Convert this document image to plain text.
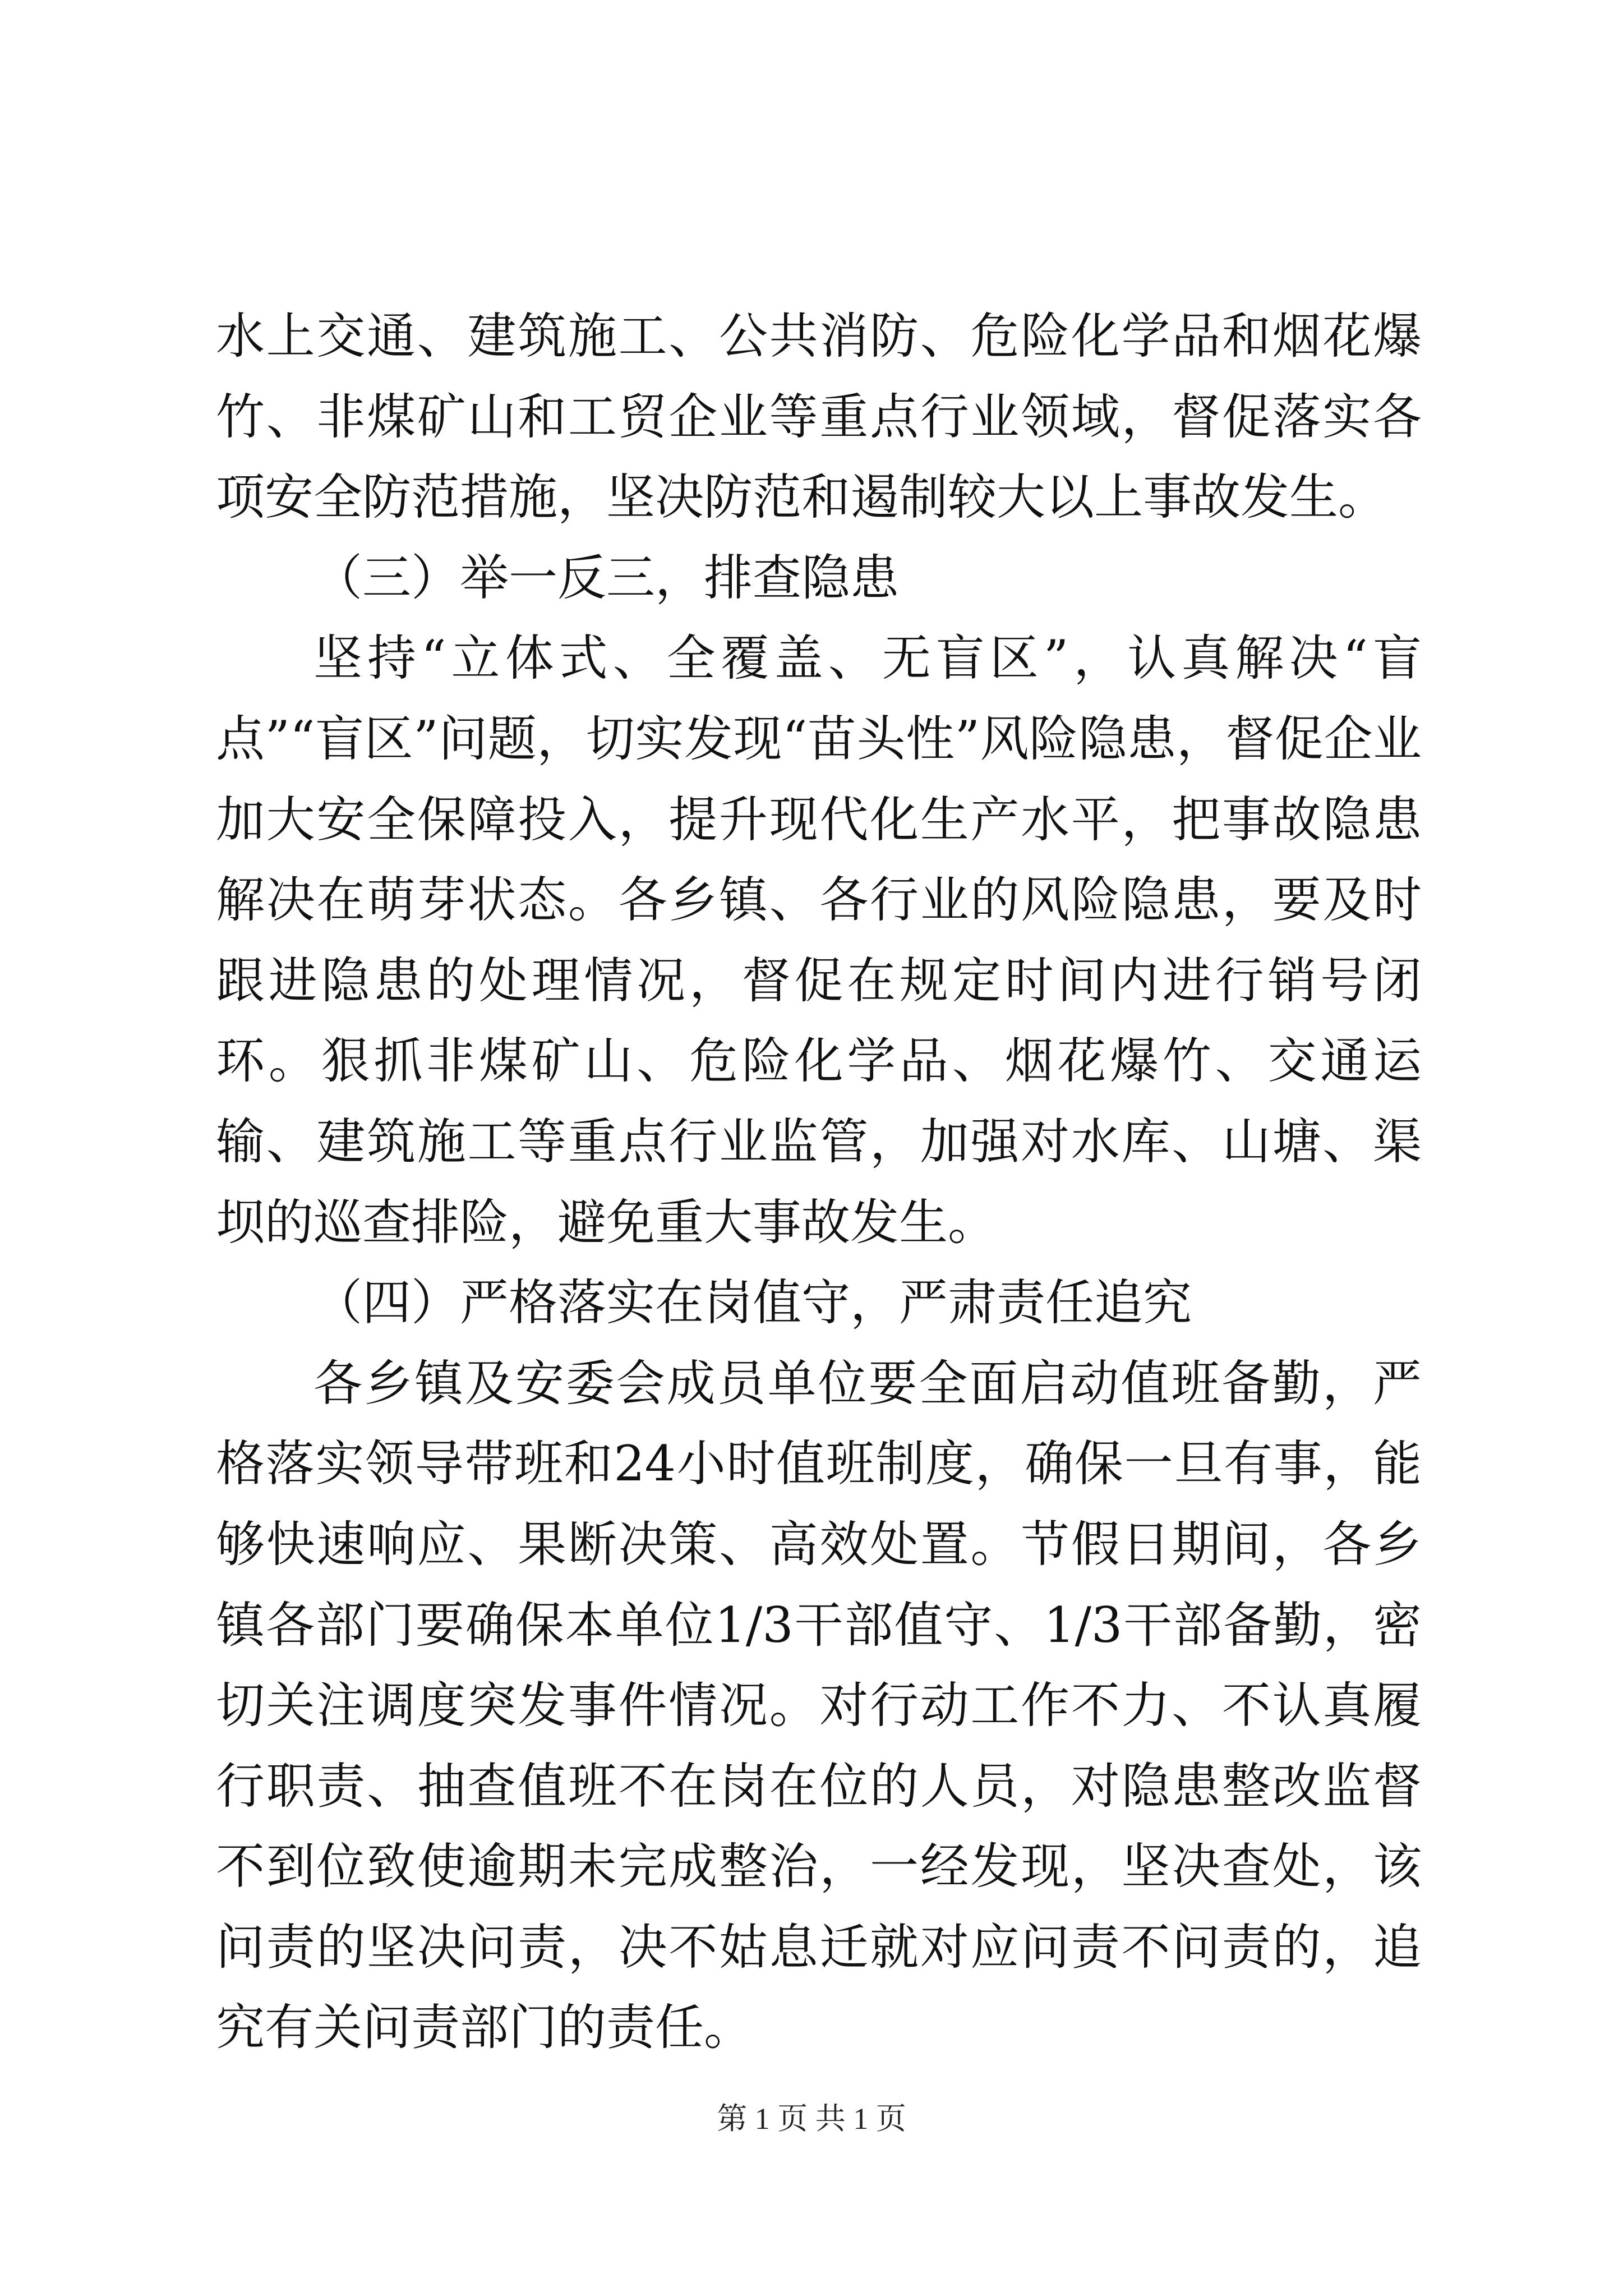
水上交通、建筑施工、公共消防、危险化学品和烟花爆竹、非煤矿山和工贸企业等重点行业领域，督促落实各项安全防范措施，坚决防范和遏制较大以上事故发生。

（三）举一反三，排查隐患

坚持“立体式、全覆盖、无盲区”，认真解决“盲点”“盲区”问题，切实发现“苗头性”风险隐患，督促企业加大安全保障投入，提升现代化生产水平，把事故隐患解决在萌芽状态。各乡镇、各行业的风险隐患，要及时跟进隐患的处理情况，督促在规定时间内进行销号闭环。狠抓非煤矿山、危险化学品、烟花爆竹、交通运输、建筑施工等重点行业监管，加强对水库、山塘、渠坝的巡查排险，避免重大事故发生。

（四）严格落实在岗值守，严肃责任追究

各乡镇及安委会成员单位要全面启动值班备勤，严格落实领导带班和24小时值班制度，确保一旦有事，能够快速响应、果断决策、高效处置。节假日期间，各乡镇各部门要确保本单位1/3干部值守、1/3干部备勤，密切关注调度突发事件情况。对行动工作不力、不认真履行职责、抽查值班不在岗在位的人员，对隐患整改监督不到位致使逾期未完成整治，一经发现，坚决查处，该问责的坚决问责，决不姑息迁就对应问责不问责的，追究有关问责部门的责任。

第 1 页 共 1 页
